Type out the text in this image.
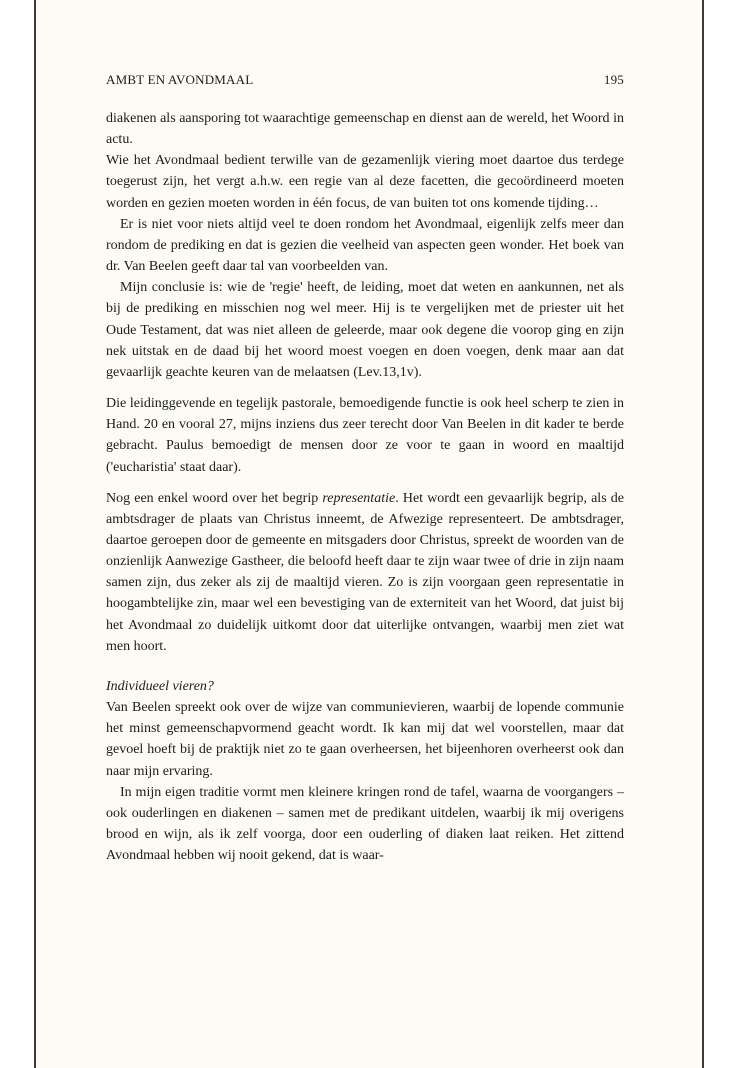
AMBT EN AVONDMAAL	195

diakenen als aansporing tot waarachtige gemeenschap en dienst aan de wereld, het Woord in actu.

Wie het Avondmaal bedient terwille van de gezamenlijk viering moet daartoe dus terdege toegerust zijn, het vergt a.h.w. een regie van al deze facetten, die gecoördineerd moeten worden en gezien moeten worden in één focus, de van buiten tot ons komende tijding…

Er is niet voor niets altijd veel te doen rondom het Avondmaal, eigenlijk zelfs meer dan rondom de prediking en dat is gezien die veelheid van aspecten geen wonder. Het boek van dr. Van Beelen geeft daar tal van voorbeelden van.

Mijn conclusie is: wie de 'regie' heeft, de leiding, moet dat weten en aankunnen, net als bij de prediking en misschien nog wel meer. Hij is te vergelijken met de priester uit het Oude Testament, dat was niet alleen de geleerde, maar ook degene die voorop ging en zijn nek uitstak en de daad bij het woord moest voegen en doen voegen, denk maar aan dat gevaarlijk geachte keuren van de melaatsen (Lev.13,1v).

Die leidinggevende en tegelijk pastorale, bemoedigende functie is ook heel scherp te zien in Hand. 20 en vooral 27, mijns inziens dus zeer terecht door Van Beelen in dit kader te berde gebracht. Paulus bemoedigt de mensen door ze voor te gaan in woord en maaltijd ('eucharistia' staat daar).

Nog een enkel woord over het begrip representatie. Het wordt een gevaarlijk begrip, als de ambtsdrager de plaats van Christus inneemt, de Afwezige representeert. De ambtsdrager, daartoe geroepen door de gemeente en mitsgaders door Christus, spreekt de woorden van de onzienlijk Aanwezige Gastheer, die beloofd heeft daar te zijn waar twee of drie in zijn naam samen zijn, dus zeker als zij de maaltijd vieren. Zo is zijn voorgaan geen representatie in hoogambtelijke zin, maar wel een bevestiging van de externiteit van het Woord, dat juist bij het Avondmaal zo duidelijk uitkomt door dat uiterlijke ontvangen, waarbij men ziet wat men hoort.

Individueel vieren?

Van Beelen spreekt ook over de wijze van communievieren, waarbij de lopende communie het minst gemeenschapvormend geacht wordt. Ik kan mij dat wel voorstellen, maar dat gevoel hoeft bij de praktijk niet zo te gaan overheersen, het bijeenhoren overheerst ook dan naar mijn ervaring.

In mijn eigen traditie vormt men kleinere kringen rond de tafel, waarna de voorgangers – ook ouderlingen en diakenen – samen met de predikant uitdelen, waarbij ik mij overigens brood en wijn, als ik zelf voorga, door een ouderling of diaken laat reiken. Het zittend Avondmaal hebben wij nooit gekend, dat is waar-
